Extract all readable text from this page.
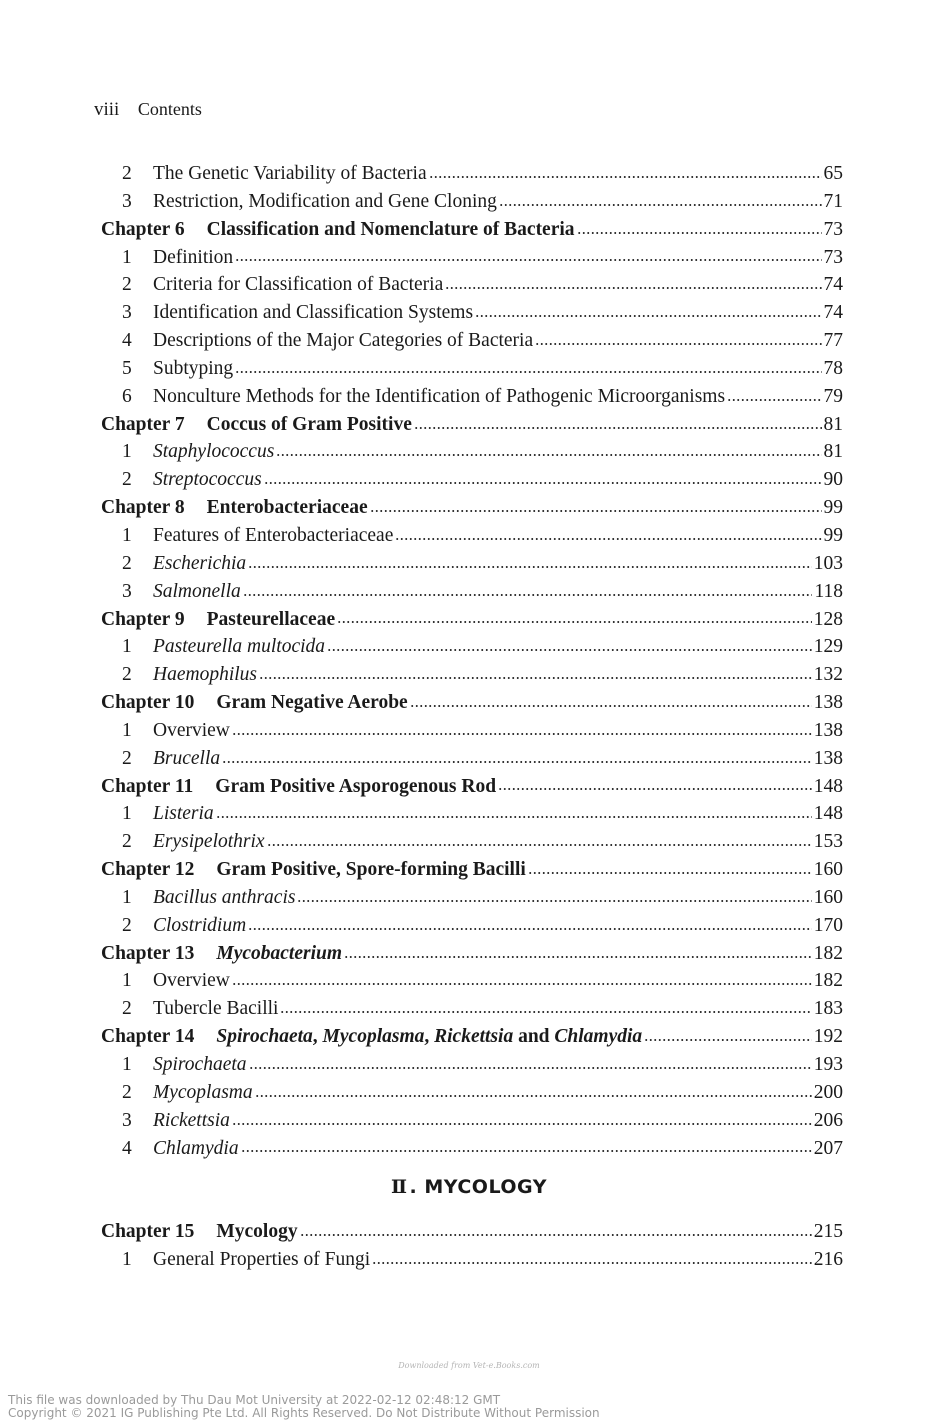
viii Contents
2	The Genetic Variability of Bacteria	65
3	Restriction, Modification and Gene Cloning	71
Chapter 6 Classification and Nomenclature of Bacteria	73
1	Definition	73
2	Criteria for Classification of Bacteria	74
3	Identification and Classification Systems	74
4	Descriptions of the Major Categories of Bacteria	77
5	Subtyping	78
6	Nonculture Methods for the Identification of Pathogenic Microorganisms	79
Chapter 7 Coccus of Gram Positive	81
1	Staphylococcus	81
2	Streptococcus	90
Chapter 8 Enterobacteriaceae	99
1	Features of Enterobacteriaceae	99
2	Escherichia	103
3	Salmonella	118
Chapter 9 Pasteurellaceae	128
1	Pasteurella multocida	129
2	Haemophilus	132
Chapter 10 Gram Negative Aerobe	138
1	Overview	138
2	Brucella	138
Chapter 11 Gram Positive Asporogenous Rod	148
1	Listeria	148
2	Erysipelothrix	153
Chapter 12 Gram Positive, Spore-forming Bacilli	160
1	Bacillus anthracis	160
2	Clostridium	170
Chapter 13 Mycobacterium	182
1	Overview	182
2	Tubercle Bacilli	183
Chapter 14 Spirochaeta, Mycoplasma, Rickettsia and Chlamydia	192
1	Spirochaeta	193
2	Mycoplasma	200
3	Rickettsia	206
4	Chlamydia	207
Ⅱ . MYCOLOGY
Chapter 15 Mycology	215
1	General Properties of Fungi	216
Downloaded from Vet-e.Books.com
This file was downloaded by Thu Dau Mot University at 2022-02-12 02:48:12 GMT
Copyright © 2021 IG Publishing Pte Ltd. All Rights Reserved. Do Not Distribute Without Permission
